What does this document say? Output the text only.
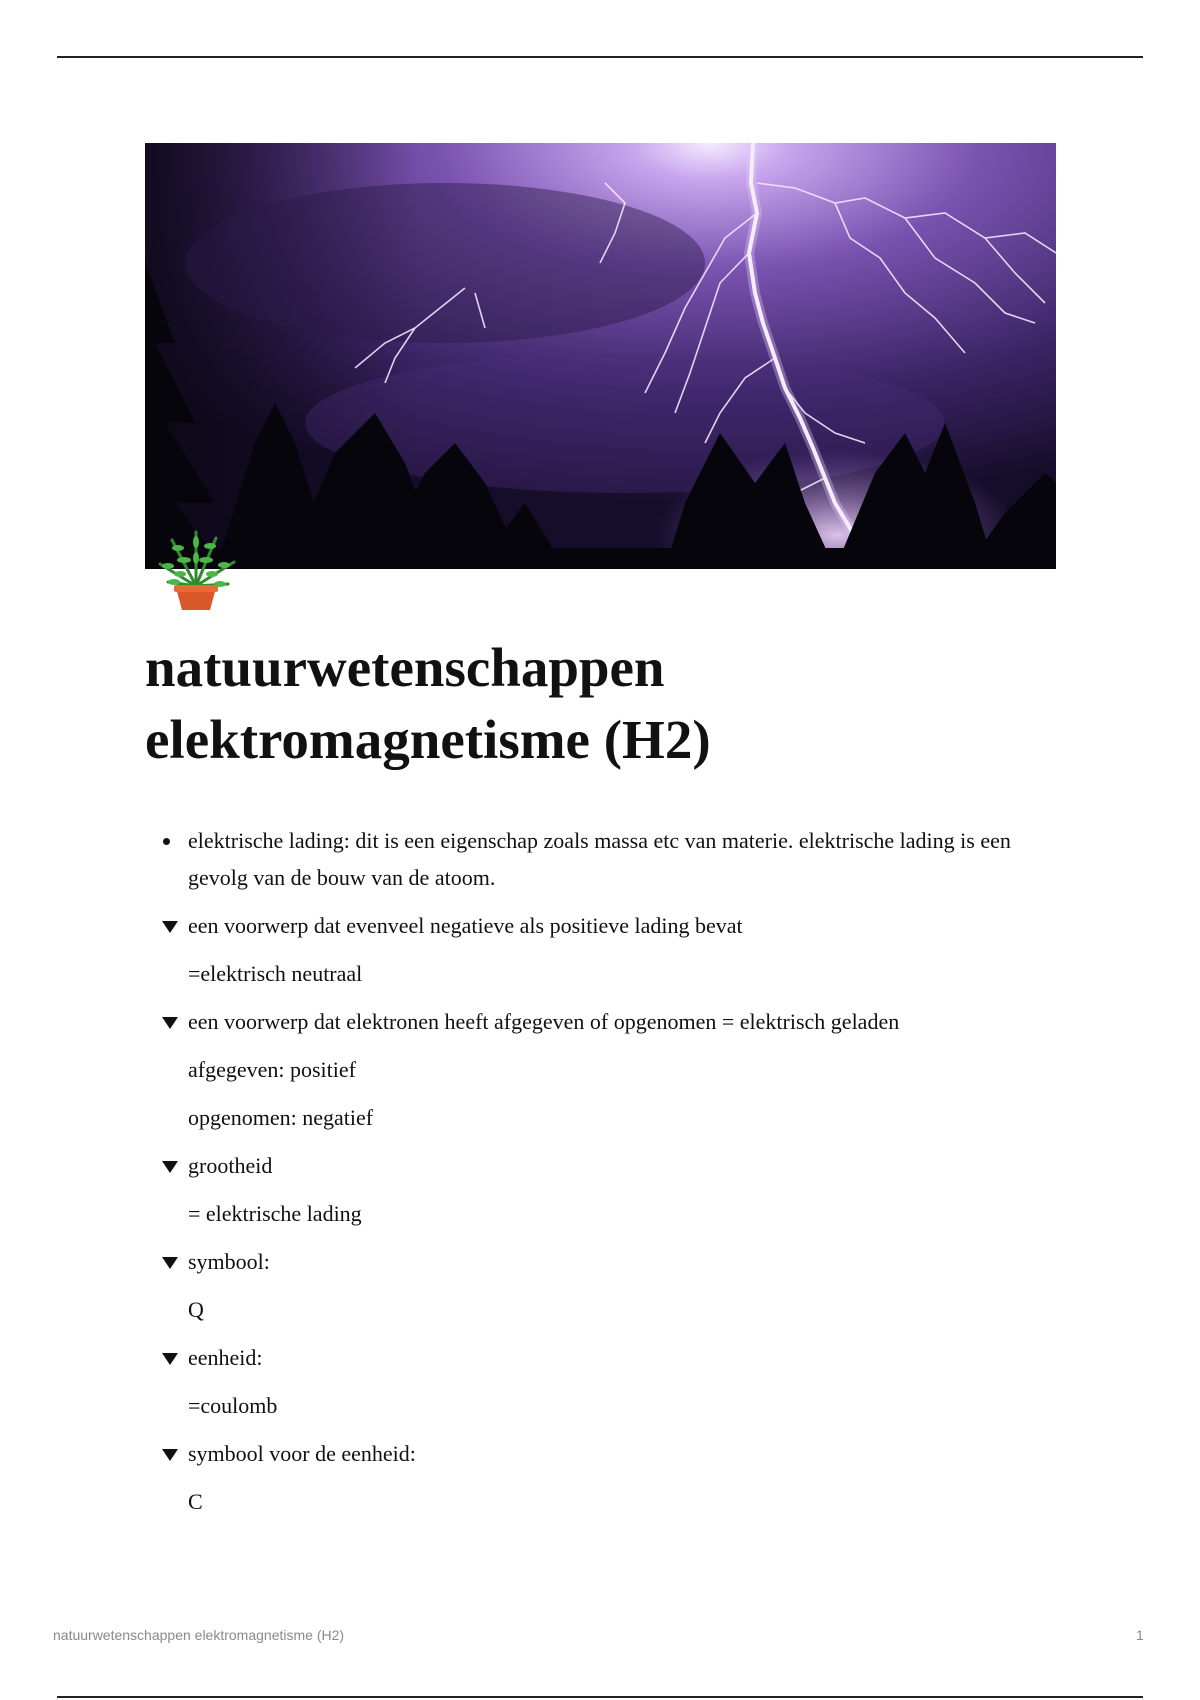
natuurwetenschappen
elektromagnetisme (H2)
elektrische lading: dit is een eigenschap zoals massa etc van materie. elektrische lading is een gevolg van de bouw van de atoom.
een voorwerp dat evenveel negatieve als positieve lading bevat
=elektrisch neutraal
een voorwerp dat elektronen heeft afgegeven of opgenomen = elektrisch geladen
afgegeven: positief
opgenomen: negatief
grootheid
= elektrische lading
symbool:
Q
eenheid:
=coulomb
symbool voor de eenheid:
C
natuurwetenschappen elektromagnetisme (H2)	1
